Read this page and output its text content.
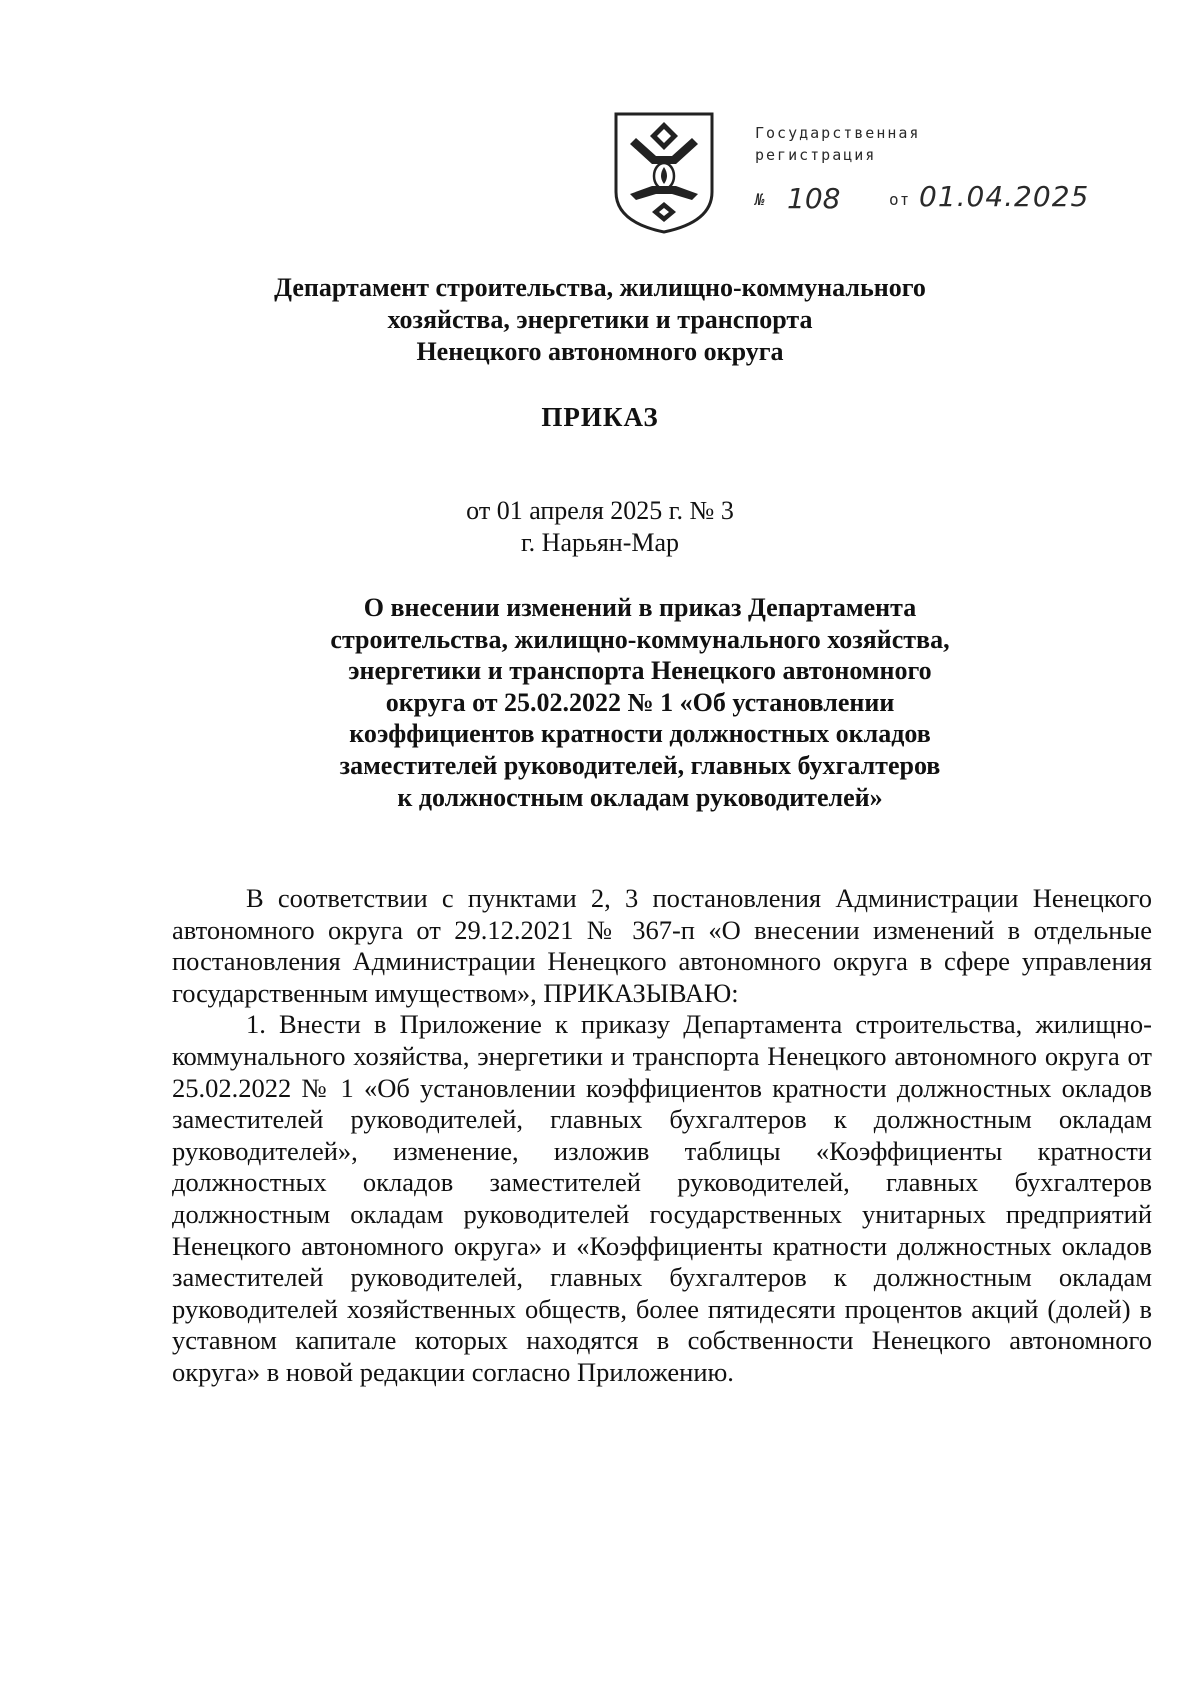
Государственная
регистрация
№ 108	от 01.04.2025
Департамент строительства, жилищно-коммунального
хозяйства, энергетики и транспорта
Ненецкого автономного округа
ПРИКАЗ
от 01 апреля 2025 г. № 3
г. Нарьян-Мар
О внесении изменений в приказ Департамента
строительства, жилищно-коммунального хозяйства,
энергетики и транспорта Ненецкого автономного
округа от 25.02.2022 № 1 «Об установлении
коэффициентов кратности должностных окладов
заместителей руководителей, главных бухгалтеров
к должностным окладам руководителей»

В соответствии с пунктами 2, 3 постановления Администрации Ненецкого автономного округа от 29.12.2021 № 367-п «О внесении изменений в отдельные постановления Администрации Ненецкого автономного округа в сфере управления государственным имуществом», ПРИКАЗЫВАЮ:

1. Внести в Приложение к приказу Департамента строительства, жилищно-коммунального хозяйства, энергетики и транспорта Ненецкого автономного округа от 25.02.2022 № 1 «Об установлении коэффициентов кратности должностных окладов заместителей руководителей, главных бухгалтеров к должностным окладам руководителей», изменение, изложив таблицы «Коэффициенты кратности должностных окладов заместителей руководителей, главных бухгалтеров должностным окладам руководителей государственных унитарных предприятий Ненецкого автономного округа» и «Коэффициенты кратности должностных окладов заместителей руководителей, главных бухгалтеров к должностным окладам руководителей хозяйственных обществ, более пятидесяти процентов акций (долей) в уставном капитале которых находятся в собственности Ненецкого автономного округа» в новой редакции согласно Приложению.
